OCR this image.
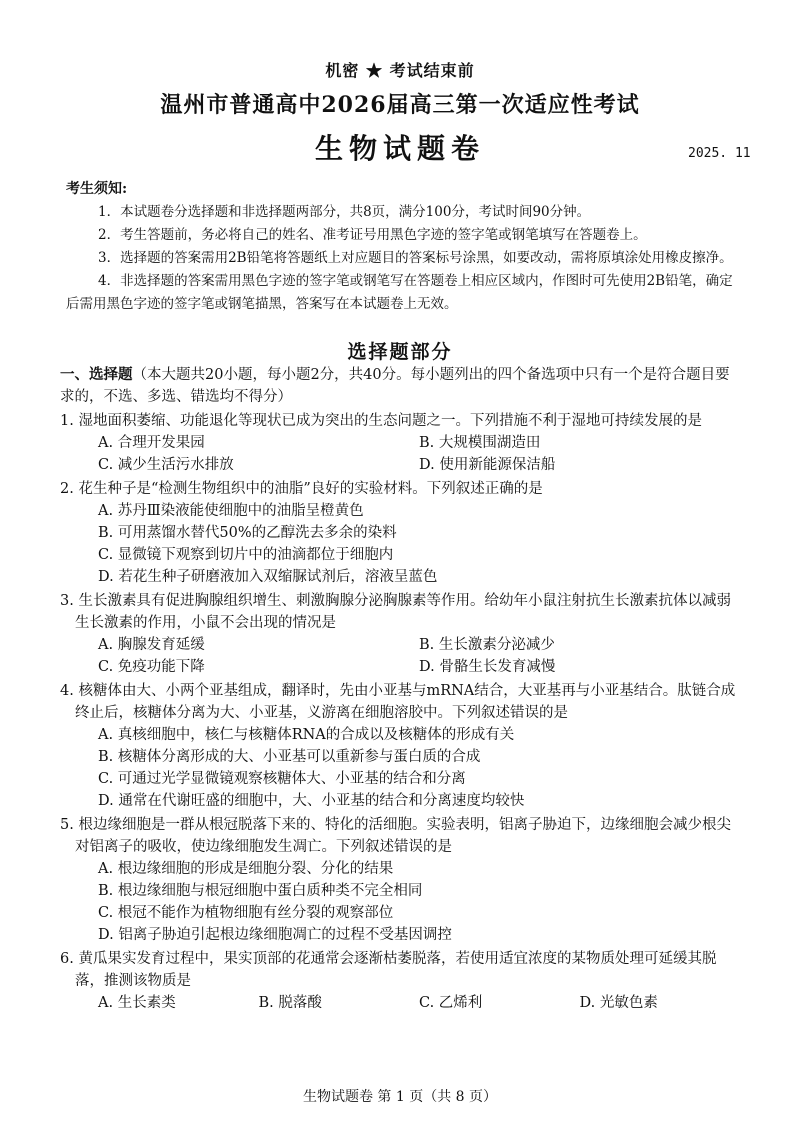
机密 ★ 考试结束前
温州市普通高中2026届高三第一次适应性考试
生物试题卷	2025. 11
考生须知:
1．本试题卷分选择题和非选择题两部分，共8页，满分100分，考试时间90分钟。
2．考生答题前，务必将自己的姓名、准考证号用黑色字迹的签字笔或钢笔填写在答题卷上。
3．选择题的答案需用2B铅笔将答题纸上对应题目的答案标号涂黑，如要改动，需将原填涂处用橡皮擦净。
4．非选择题的答案需用黑色字迹的签字笔或钢笔写在答题卷上相应区域内，作图时可先使用2B铅笔，确定后需用黑色字迹的签字笔或钢笔描黑，答案写在本试题卷上无效。
选择题部分

一、选择题（本大题共20小题，每小题2分，共40分。每小题列出的四个备选项中只有一个是符合题目要求的，不选、多选、错选均不得分）

1. 湿地面积萎缩、功能退化等现状已成为突出的生态问题之一。下列措施不利于湿地可持续发展的是

A. 合理开发果园	B. 大规模围湖造田
C. 减少生活污水排放	D. 使用新能源保洁船

2. 花生种子是“检测生物组织中的油脂”良好的实验材料。下列叙述正确的是

A. 苏丹Ⅲ染液能使细胞中的油脂呈橙黄色
B. 可用蒸馏水替代50%的乙醇洗去多余的染料
C. 显微镜下观察到切片中的油滴都位于细胞内
D. 若花生种子研磨液加入双缩脲试剂后，溶液呈蓝色

3. 生长激素具有促进胸腺组织增生、刺激胸腺分泌胸腺素等作用。给幼年小鼠注射抗生长激素抗体以减弱生长激素的作用，小鼠不会出现的情况是

A. 胸腺发育延缓	B. 生长激素分泌减少
C. 免疫功能下降	D. 骨骼生长发育减慢

4. 核糖体由大、小两个亚基组成，翻译时，先由小亚基与mRNA结合，大亚基再与小亚基结合。肽链合成终止后，核糖体分离为大、小亚基，义游离在细胞溶胶中。下列叙述错误的是

A. 真核细胞中，核仁与核糖体RNA的合成以及核糖体的形成有关
B. 核糖体分离形成的大、小亚基可以重新参与蛋白质的合成
C. 可通过光学显微镜观察核糖体大、小亚基的结合和分离
D. 通常在代谢旺盛的细胞中，大、小亚基的结合和分离速度均较快

5. 根边缘细胞是一群从根冠脱落下来的、特化的活细胞。实验表明，铝离子胁迫下，边缘细胞会减少根尖对铝离子的吸收，使边缘细胞发生凋亡。下列叙述错误的是

A. 根边缘细胞的形成是细胞分裂、分化的结果
B. 根边缘细胞与根冠细胞中蛋白质种类不完全相同
C. 根冠不能作为植物细胞有丝分裂的观察部位
D. 铝离子胁迫引起根边缘细胞凋亡的过程不受基因调控

6. 黄瓜果实发育过程中，果实顶部的花通常会逐渐枯萎脱落，若使用适宜浓度的某物质处理可延缓其脱落，推测该物质是

A. 生长素类	B. 脱落酸	C. 乙烯利	D. 光敏色素
生物试题卷 第 1 页（共 8 页）
